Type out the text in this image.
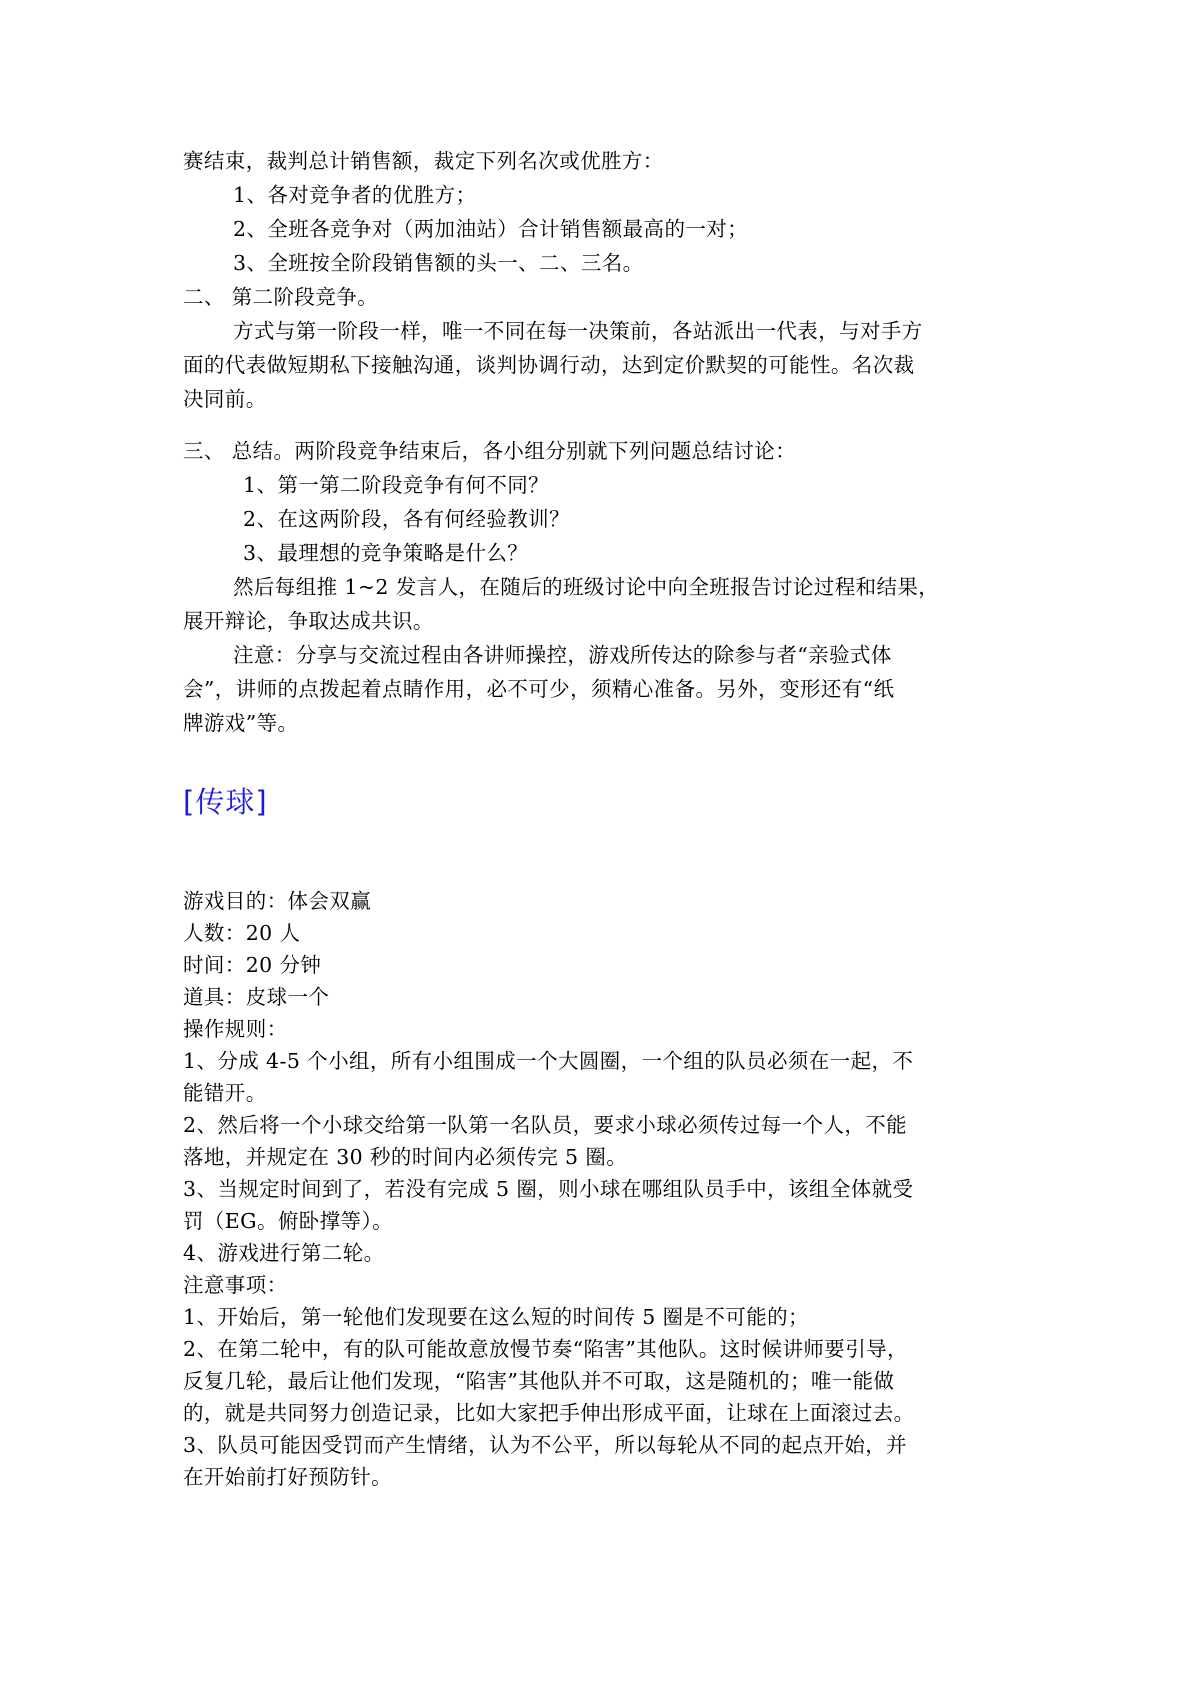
赛结束，裁判总计销售额，裁定下列名次或优胜方：
1、各对竞争者的优胜方；
2、全班各竞争对（两加油站）合计销售额最高的一对；
3、全班按全阶段销售额的头一、二、三名。
二、 第二阶段竞争。
方式与第一阶段一样，唯一不同在每一决策前，各站派出一代表，与对手方
面的代表做短期私下接触沟通，谈判协调行动，达到定价默契的可能性。名次裁
决同前。
三、 总结。两阶段竞争结束后，各小组分别就下列问题总结讨论：
1、第一第二阶段竞争有何不同？
2、在这两阶段，各有何经验教训？
3、最理想的竞争策略是什么？
然后每组推 1~2 发言人，在随后的班级讨论中向全班报告讨论过程和结果，
展开辩论，争取达成共识。
注意：分享与交流过程由各讲师操控，游戏所传达的除参与者“亲验式体
会”，讲师的点拨起着点睛作用，必不可少，须精心准备。另外，变形还有“纸
牌游戏”等。
[传球]
游戏目的：体会双赢
人数：20 人
时间：20 分钟
道具：皮球一个
操作规则：
1、分成 4-5 个小组，所有小组围成一个大圆圈，一个组的队员必须在一起，不
能错开。
2、然后将一个小球交给第一队第一名队员，要求小球必须传过每一个人，不能
落地，并规定在 30 秒的时间内必须传完 5 圈。
3、当规定时间到了，若没有完成 5 圈，则小球在哪组队员手中，该组全体就受
罚（EG。俯卧撑等）。
4、游戏进行第二轮。
注意事项：
1、开始后，第一轮他们发现要在这么短的时间传 5 圈是不可能的；
2、在第二轮中，有的队可能故意放慢节奏“陷害”其他队。这时候讲师要引导，
反复几轮，最后让他们发现，“陷害”其他队并不可取，这是随机的；唯一能做
的，就是共同努力创造记录，比如大家把手伸出形成平面，让球在上面滚过去。
3、队员可能因受罚而产生情绪，认为不公平，所以每轮从不同的起点开始，并
在开始前打好预防针。
